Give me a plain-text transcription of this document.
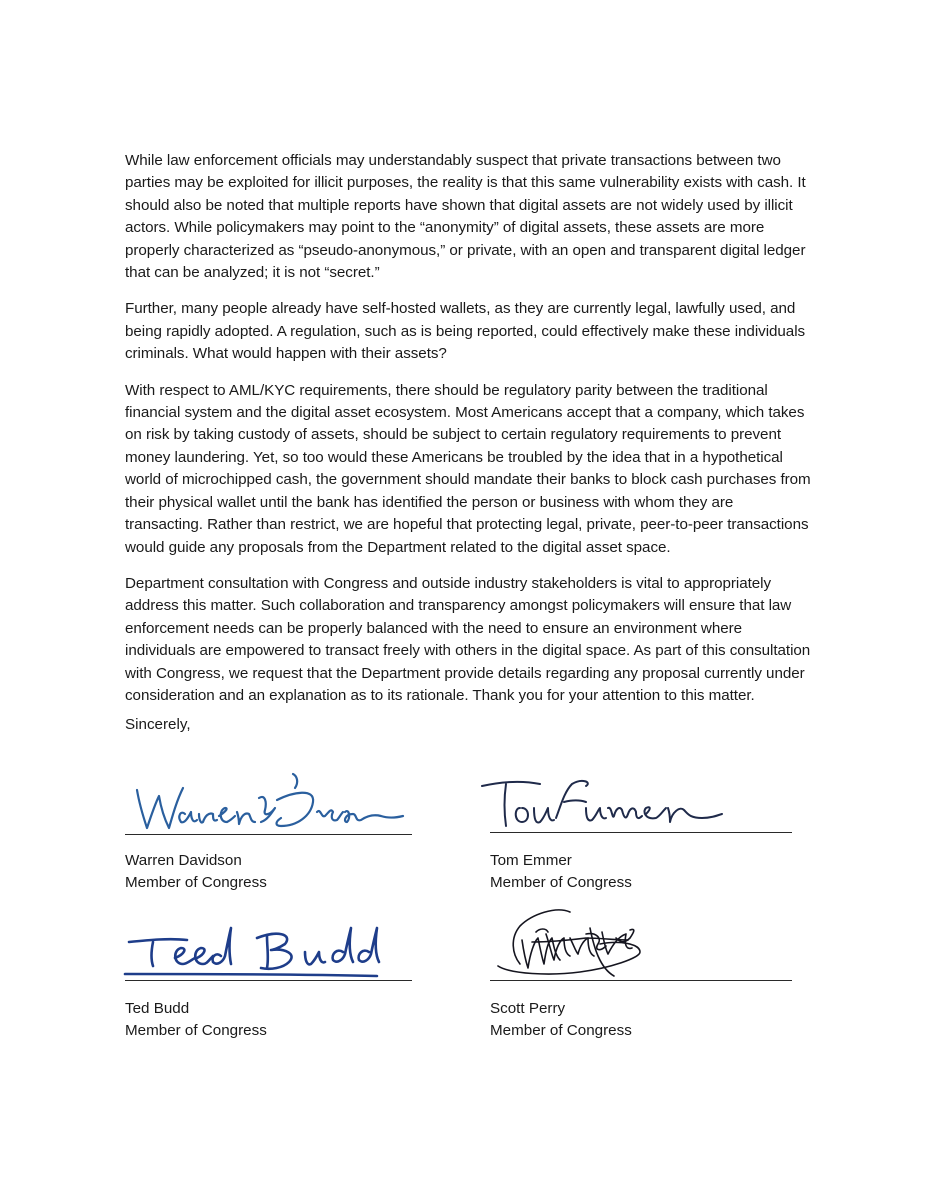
While law enforcement officials may understandably suspect that private transactions between two parties may be exploited for illicit purposes, the reality is that this same vulnerability exists with cash. It should also be noted that multiple reports have shown that digital assets are not widely used by illicit actors. While policymakers may point to the “anonymity” of digital assets, these assets are more properly characterized as “pseudo-anonymous,” or private, with an open and transparent digital ledger that can be analyzed; it is not “secret.”

Further, many people already have self-hosted wallets, as they are currently legal, lawfully used, and being rapidly adopted. A regulation, such as is being reported, could effectively make these individuals criminals. What would happen with their assets?

With respect to AML/KYC requirements, there should be regulatory parity between the traditional financial system and the digital asset ecosystem. Most Americans accept that a company, which takes on risk by taking custody of assets, should be subject to certain regulatory requirements to prevent money laundering. Yet, so too would these Americans be troubled by the idea that in a hypothetical world of microchipped cash, the government should mandate their banks to block cash purchases from their physical wallet until the bank has identified the person or business with whom they are transacting. Rather than restrict, we are hopeful that protecting legal, private, peer-to-peer transactions would guide any proposals from the Department related to the digital asset space.

Department consultation with Congress and outside industry stakeholders is vital to appropriately address this matter. Such collaboration and transparency amongst policymakers will ensure that law enforcement needs can be properly balanced with the need to ensure an environment where individuals are empowered to transact freely with others in the digital space. As part of this consultation with Congress, we request that the Department provide details regarding any proposal currently under consideration and an explanation as to its rationale. Thank you for your attention to this matter.

Sincerely,
Warren Davidson
Member of Congress
Tom Emmer
Member of Congress
Ted Budd
Member of Congress
Scott Perry
Member of Congress
